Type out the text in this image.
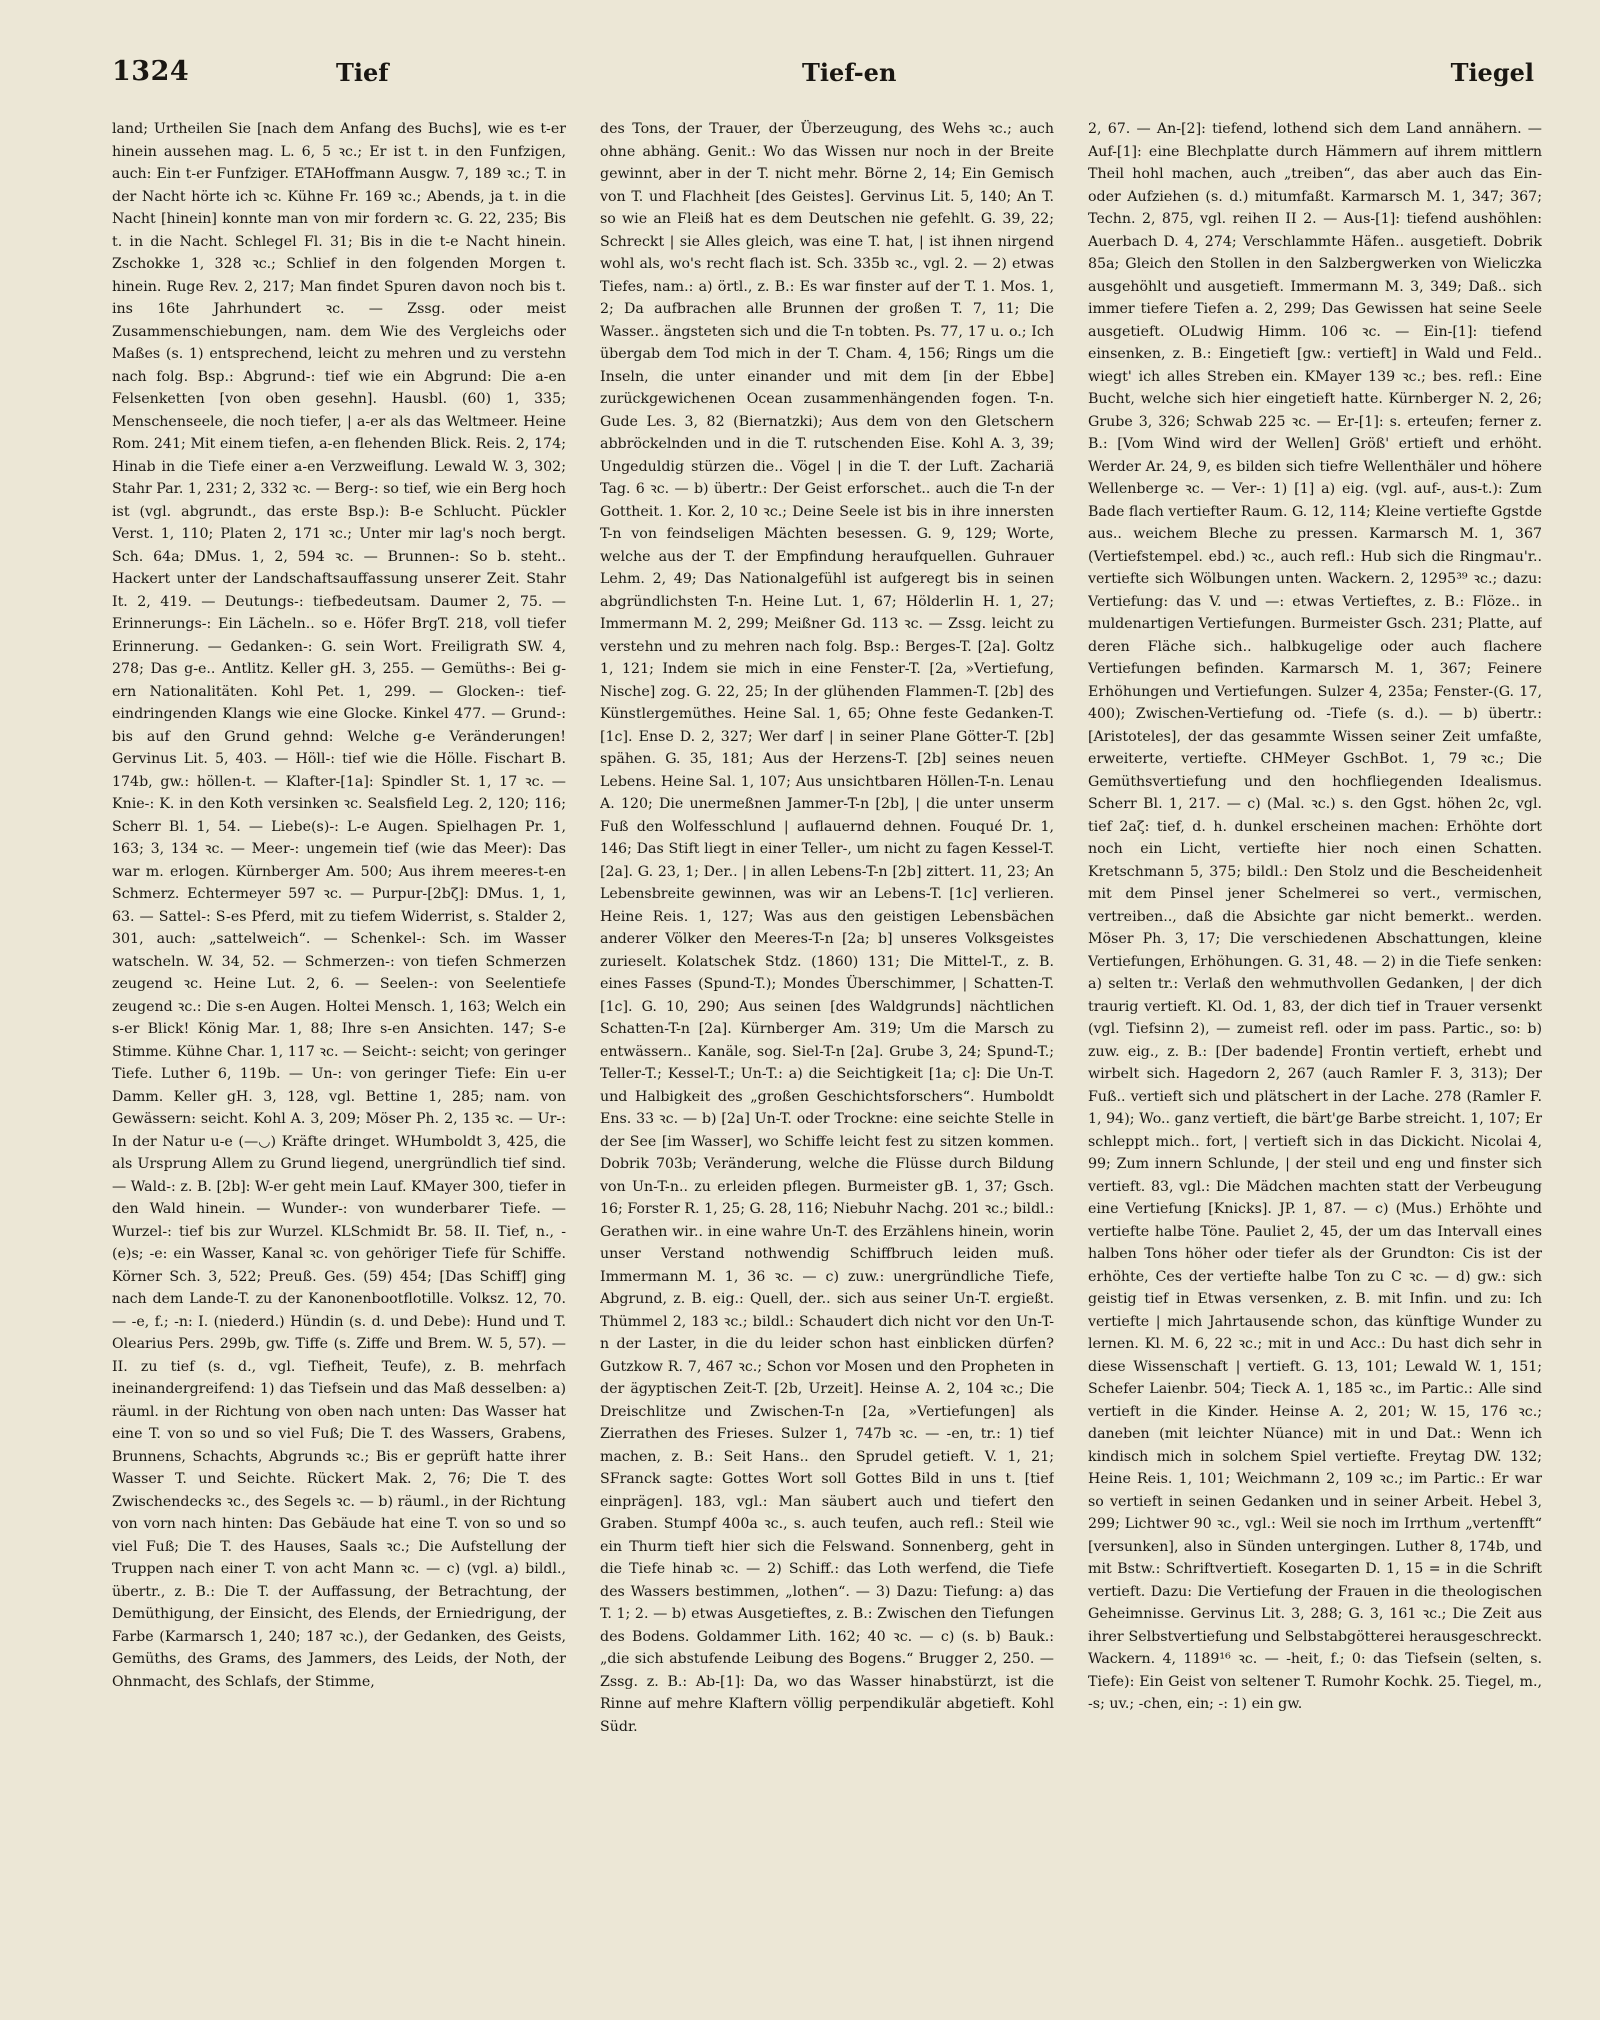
1324	Tief	Tief-en	Tiegel

land; Urtheilen Sie [nach dem Anfang des Buchs], wie es t-er hinein aussehen mag. L. 6, 5 ꝛc.; Er ist t. in den Funfzigen, auch: Ein t-er Funfziger. ETAHoffmann Ausgw. 7, 189 ꝛc.; T. in der Nacht hörte ich ꝛc. Kühne Fr. 169 ꝛc.; Abends, ja t. in die Nacht [hinein] konnte man von mir fordern ꝛc. G. 22, 235; Bis t. in die Nacht. Schlegel Fl. 31; Bis in die t-e Nacht hinein. Zschokke 1, 328 ꝛc.; Schlief in den folgenden Morgen t. hinein. Ruge Rev. 2, 217; Man findet Spuren davon noch bis t. ins 16te Jahrhundert ꝛc. — Zssg. oder meist Zusammenschiebungen, nam. dem Wie des Vergleichs oder Maßes (s. 1) entsprechend, leicht zu mehren und zu verstehn nach folg. Bsp.: Abgrund-: tief wie ein Abgrund: Die a-en Felsenketten [von oben gesehn]. Hausbl. (60) 1, 335; Menschenseele, die noch tiefer, | a-er als das Weltmeer. Heine Rom. 241; Mit einem tiefen, a-en flehenden Blick. Reis. 2, 174; Hinab in die Tiefe einer a-en Verzweiflung. Lewald W. 3, 302; Stahr Par. 1, 231; 2, 332 ꝛc. — Berg-: so tief, wie ein Berg hoch ist (vgl. abgrundt., das erste Bsp.): B-e Schlucht. Pückler Verst. 1, 110; Platen 2, 171 ꝛc.; Unter mir lag's noch bergt. Sch. 64a; DMus. 1, 2, 594 ꝛc. — Brunnen-: So b. steht.. Hackert unter der Landschaftsauffassung unserer Zeit. Stahr It. 2, 419. — Deutungs-: tiefbedeutsam. Daumer 2, 75. — Erinnerungs-: Ein Lächeln.. so e. Höfer BrgT. 218, voll tiefer Erinnerung. — Gedanken-: G. sein Wort. Freiligrath SW. 4, 278; Das g-e.. Antlitz. Keller gH. 3, 255. — Gemüths-: Bei g-ern Nationalitäten. Kohl Pet. 1, 299. — Glocken-: tief-eindringenden Klangs wie eine Glocke. Kinkel 477. — Grund-: bis auf den Grund gehnd: Welche g-e Veränderungen! Gervinus Lit. 5, 403. — Höll-: tief wie die Hölle. Fischart B. 174b, gw.: höllen-t. — Klafter-[1a]: Spindler St. 1, 17 ꝛc. — Knie-: K. in den Koth versinken ꝛc. Sealsfield Leg. 2, 120; 116; Scherr Bl. 1, 54. — Liebe(s)-: L-e Augen. Spielhagen Pr. 1, 163; 3, 134 ꝛc. — Meer-: ungemein tief (wie das Meer): Das war m. erlogen. Kürnberger Am. 500; Aus ihrem meeres-t-en Schmerz. Echtermeyer 597 ꝛc. — Purpur-[2bζ]: DMus. 1, 1, 63. — Sattel-: S-es Pferd, mit zu tiefem Widerrist, s. Stalder 2, 301, auch: „sattelweich“. — Schenkel-: Sch. im Wasser watscheln. W. 34, 52. — Schmerzen-: von tiefen Schmerzen zeugend ꝛc. Heine Lut. 2, 6. — Seelen-: von Seelentiefe zeugend ꝛc.: Die s-en Augen. Holtei Mensch. 1, 163; Welch ein s-er Blick! König Mar. 1, 88; Ihre s-en Ansichten. 147; S-e Stimme. Kühne Char. 1, 117 ꝛc. — Seicht-: seicht; von geringer Tiefe. Luther 6, 119b. — Un-: von geringer Tiefe: Ein u-er Damm. Keller gH. 3, 128, vgl. Bettine 1, 285; nam. von Gewässern: seicht. Kohl A. 3, 209; Möser Ph. 2, 135 ꝛc. — Ur-: In der Natur u-e (—◡) Kräfte dringet. WHumboldt 3, 425, die als Ursprung Allem zu Grund liegend, unergründlich tief sind. — Wald-: z. B. [2b]: W-er geht mein Lauf. KMayer 300, tiefer in den Wald hinein. — Wunder-: von wunderbarer Tiefe. — Wurzel-: tief bis zur Wurzel. KLSchmidt Br. 58. II. Tief, n., -(e)s; -e: ein Wasser, Kanal ꝛc. von gehöriger Tiefe für Schiffe. Körner Sch. 3, 522; Preuß. Ges. (59) 454; [Das Schiff] ging nach dem Lande-T. zu der Kanonenbootflotille. Volksz. 12, 70. — -e, f.; -n: I. (niederd.) Hündin (s. d. und Debe): Hund und T. Olearius Pers. 299b, gw. Tiffe (s. Ziffe und Brem. W. 5, 57). — II. zu tief (s. d., vgl. Tiefheit, Teufe), z. B. mehrfach ineinandergreifend: 1) das Tiefsein und das Maß desselben: a) räuml. in der Richtung von oben nach unten: Das Wasser hat eine T. von so und so viel Fuß; Die T. des Wassers, Grabens, Brunnens, Schachts, Abgrunds ꝛc.; Bis er geprüft hatte ihrer Wasser T. und Seichte. Rückert Mak. 2, 76; Die T. des Zwischendecks ꝛc., des Segels ꝛc. — b) räuml., in der Richtung von vorn nach hinten: Das Gebäude hat eine T. von so und so viel Fuß; Die T. des Hauses, Saals ꝛc.; Die Aufstellung der Truppen nach einer T. von acht Mann ꝛc. — c) (vgl. a) bildl., übertr., z. B.: Die T. der Auffassung, der Betrachtung, der Demüthigung, der Einsicht, des Elends, der Erniedrigung, der Farbe (Karmarsch 1, 240; 187 ꝛc.), der Gedanken, des Geists, Gemüths, des Grams, des Jammers, des Leids, der Noth, der Ohnmacht, des Schlafs, der Stimme,

des Tons, der Trauer, der Überzeugung, des Wehs ꝛc.; auch ohne abhäng. Genit.: Wo das Wissen nur noch in der Breite gewinnt, aber in der T. nicht mehr. Börne 2, 14; Ein Gemisch von T. und Flachheit [des Geistes]. Gervinus Lit. 5, 140; An T. so wie an Fleiß hat es dem Deutschen nie gefehlt. G. 39, 22; Schreckt | sie Alles gleich, was eine T. hat, | ist ihnen nirgend wohl als, wo's recht flach ist. Sch. 335b ꝛc., vgl. 2. — 2) etwas Tiefes, nam.: a) örtl., z. B.: Es war finster auf der T. 1. Mos. 1, 2; Da aufbrachen alle Brunnen der großen T. 7, 11; Die Wasser.. ängsteten sich und die T-n tobten. Ps. 77, 17 u. o.; Ich übergab dem Tod mich in der T. Cham. 4, 156; Rings um die Inseln, die unter einander und mit dem [in der Ebbe] zurückgewichenen Ocean zusammenhängenden fogen. T-n. Gude Les. 3, 82 (Biernatzki); Aus dem von den Gletschern abbröckelnden und in die T. rutschenden Eise. Kohl A. 3, 39; Ungeduldig stürzen die.. Vögel | in die T. der Luft. Zachariä Tag. 6 ꝛc. — b) übertr.: Der Geist erforschet.. auch die T-n der Gottheit. 1. Kor. 2, 10 ꝛc.; Deine Seele ist bis in ihre innersten T-n von feindseligen Mächten besessen. G. 9, 129; Worte, welche aus der T. der Empfindung heraufquellen. Guhrauer Lehm. 2, 49; Das Nationalgefühl ist aufgeregt bis in seinen abgründlichsten T-n. Heine Lut. 1, 67; Hölderlin H. 1, 27; Immermann M. 2, 299; Meißner Gd. 113 ꝛc. — Zssg. leicht zu verstehn und zu mehren nach folg. Bsp.: Berges-T. [2a]. Goltz 1, 121; Indem sie mich in eine Fenster-T. [2a, »Vertiefung, Nische] zog. G. 22, 25; In der glühenden Flammen-T. [2b] des Künstlergemüthes. Heine Sal. 1, 65; Ohne feste Gedanken-T. [1c]. Ense D. 2, 327; Wer darf | in seiner Plane Götter-T. [2b] spähen. G. 35, 181; Aus der Herzens-T. [2b] seines neuen Lebens. Heine Sal. 1, 107; Aus unsichtbaren Höllen-T-n. Lenau A. 120; Die unermeßnen Jammer-T-n [2b], | die unter unserm Fuß den Wolfesschlund | auflauernd dehnen. Fouqué Dr. 1, 146; Das Stift liegt in einer Teller-, um nicht zu fagen Kessel-T. [2a]. G. 23, 1; Der.. | in allen Lebens-T-n [2b] zittert. 11, 23; An Lebensbreite gewinnen, was wir an Lebens-T. [1c] verlieren. Heine Reis. 1, 127; Was aus den geistigen Lebensbächen anderer Völker den Meeres-T-n [2a; b] unseres Volksgeistes zurieselt. Kolatschek Stdz. (1860) 131; Die Mittel-T., z. B. eines Fasses (Spund-T.); Mondes Überschimmer, | Schatten-T. [1c]. G. 10, 290; Aus seinen [des Waldgrunds] nächtlichen Schatten-T-n [2a]. Kürnberger Am. 319; Um die Marsch zu entwässern.. Kanäle, sog. Siel-T-n [2a]. Grube 3, 24; Spund-T.; Teller-T.; Kessel-T.; Un-T.: a) die Seichtigkeit [1a; c]: Die Un-T. und Halbigkeit des „großen Geschichtsforschers“. Humboldt Ens. 33 ꝛc. — b) [2a] Un-T. oder Trockne: eine seichte Stelle in der See [im Wasser], wo Schiffe leicht fest zu sitzen kommen. Dobrik 703b; Veränderung, welche die Flüsse durch Bildung von Un-T-n.. zu erleiden pflegen. Burmeister gB. 1, 37; Gsch. 16; Forster R. 1, 25; G. 28, 116; Niebuhr Nachg. 201 ꝛc.; bildl.: Gerathen wir.. in eine wahre Un-T. des Erzählens hinein, worin unser Verstand nothwendig Schiffbruch leiden muß. Immermann M. 1, 36 ꝛc. — c) zuw.: unergründliche Tiefe, Abgrund, z. B. eig.: Quell, der.. sich aus seiner Un-T. ergießt. Thümmel 2, 183 ꝛc.; bildl.: Schaudert dich nicht vor den Un-T-n der Laster, in die du leider schon hast einblicken dürfen? Gutzkow R. 7, 467 ꝛc.; Schon vor Mosen und den Propheten in der ägyptischen Zeit-T. [2b, Urzeit]. Heinse A. 2, 104 ꝛc.; Die Dreischlitze und Zwischen-T-n [2a, »Vertiefungen] als Zierrathen des Frieses. Sulzer 1, 747b ꝛc. — -en, tr.: 1) tief machen, z. B.: Seit Hans.. den Sprudel getieft. V. 1, 21; SFranck sagte: Gottes Wort soll Gottes Bild in uns t. [tief einprägen]. 183, vgl.: Man säubert auch und tiefert den Graben. Stumpf 400a ꝛc., s. auch teufen, auch refl.: Steil wie ein Thurm tieft hier sich die Felswand. Sonnenberg, geht in die Tiefe hinab ꝛc. — 2) Schiff.: das Loth werfend, die Tiefe des Wassers bestimmen, „lothen“. — 3) Dazu: Tiefung: a) das T. 1; 2. — b) etwas Ausgetieftes, z. B.: Zwischen den Tiefungen des Bodens. Goldammer Lith. 162; 40 ꝛc. — c) (s. b) Bauk.: „die sich abstufende Leibung des Bogens.“ Brugger 2, 250. — Zssg. z. B.: Ab-[1]: Da, wo das Wasser hinabstürzt, ist die Rinne auf mehre Klaftern völlig perpendikulär abgetieft. Kohl Südr.

2, 67. — An-[2]: tiefend, lothend sich dem Land annähern. — Auf-[1]: eine Blechplatte durch Hämmern auf ihrem mittlern Theil hohl machen, auch „treiben“, das aber auch das Ein- oder Aufziehen (s. d.) mitumfaßt. Karmarsch M. 1, 347; 367; Techn. 2, 875, vgl. reihen II 2. — Aus-[1]: tiefend aushöhlen: Auerbach D. 4, 274; Verschlammte Häfen.. ausgetieft. Dobrik 85a; Gleich den Stollen in den Salzbergwerken von Wieliczka ausgehöhlt und ausgetieft. Immermann M. 3, 349; Daß.. sich immer tiefere Tiefen a. 2, 299; Das Gewissen hat seine Seele ausgetieft. OLudwig Himm. 106 ꝛc. — Ein-[1]: tiefend einsenken, z. B.: Eingetieft [gw.: vertieft] in Wald und Feld.. wiegt' ich alles Streben ein. KMayer 139 ꝛc.; bes. refl.: Eine Bucht, welche sich hier eingetieft hatte. Kürnberger N. 2, 26; Grube 3, 326; Schwab 225 ꝛc. — Er-[1]: s. erteufen; ferner z. B.: [Vom Wind wird der Wellen] Größ' ertieft und erhöht. Werder Ar. 24, 9, es bilden sich tiefre Wellenthäler und höhere Wellenberge ꝛc. — Ver-: 1) [1] a) eig. (vgl. auf-, aus-t.): Zum Bade flach vertiefter Raum. G. 12, 114; Kleine vertiefte Ggstde aus.. weichem Bleche zu pressen. Karmarsch M. 1, 367 (Vertiefstempel. ebd.) ꝛc., auch refl.: Hub sich die Ringmau'r.. vertiefte sich Wölbungen unten. Wackern. 2, 1295³⁹ ꝛc.; dazu: Vertiefung: das V. und —: etwas Vertieftes, z. B.: Flöze.. in muldenartigen Vertiefungen. Burmeister Gsch. 231; Platte, auf deren Fläche sich.. halbkugelige oder auch flachere Vertiefungen befinden. Karmarsch M. 1, 367; Feinere Erhöhungen und Vertiefungen. Sulzer 4, 235a; Fenster-(G. 17, 400); Zwischen-Vertiefung od. -Tiefe (s. d.). — b) übertr.: [Aristoteles], der das gesammte Wissen seiner Zeit umfaßte, erweiterte, vertiefte. CHMeyer GschBot. 1, 79 ꝛc.; Die Gemüthsvertiefung und den hochfliegenden Idealismus. Scherr Bl. 1, 217. — c) (Mal. ꝛc.) s. den Ggst. höhen 2c, vgl. tief 2aζ: tief, d. h. dunkel erscheinen machen: Erhöhte dort noch ein Licht, vertiefte hier noch einen Schatten. Kretschmann 5, 375; bildl.: Den Stolz und die Bescheidenheit mit dem Pinsel jener Schelmerei so vert., vermischen, vertreiben.., daß die Absichte gar nicht bemerkt.. werden. Möser Ph. 3, 17; Die verschiedenen Abschattungen, kleine Vertiefungen, Erhöhungen. G. 31, 48. — 2) in die Tiefe senken: a) selten tr.: Verlaß den wehmuthvollen Gedanken, | der dich traurig vertieft. Kl. Od. 1, 83, der dich tief in Trauer versenkt (vgl. Tiefsinn 2), — zumeist refl. oder im pass. Partic., so: b) zuw. eig., z. B.: [Der badende] Frontin vertieft, erhebt und wirbelt sich. Hagedorn 2, 267 (auch Ramler F. 3, 313); Der Fuß.. vertieft sich und plätschert in der Lache. 278 (Ramler F. 1, 94); Wo.. ganz vertieft, die bärt'ge Barbe streicht. 1, 107; Er schleppt mich.. fort, | vertieft sich in das Dickicht. Nicolai 4, 99; Zum innern Schlunde, | der steil und eng und finster sich vertieft. 83, vgl.: Die Mädchen machten statt der Verbeugung eine Vertiefung [Knicks]. JP. 1, 87. — c) (Mus.) Erhöhte und vertiefte halbe Töne. Pauliet 2, 45, der um das Intervall eines halben Tons höher oder tiefer als der Grundton: Cis ist der erhöhte, Ces der vertiefte halbe Ton zu C ꝛc. — d) gw.: sich geistig tief in Etwas versenken, z. B. mit Infin. und zu: Ich vertiefte | mich Jahrtausende schon, das künftige Wunder zu lernen. Kl. M. 6, 22 ꝛc.; mit in und Acc.: Du hast dich sehr in diese Wissenschaft | vertieft. G. 13, 101; Lewald W. 1, 151; Schefer Laienbr. 504; Tieck A. 1, 185 ꝛc., im Partic.: Alle sind vertieft in die Kinder. Heinse A. 2, 201; W. 15, 176 ꝛc.; daneben (mit leichter Nüance) mit in und Dat.: Wenn ich kindisch mich in solchem Spiel vertiefte. Freytag DW. 132; Heine Reis. 1, 101; Weichmann 2, 109 ꝛc.; im Partic.: Er war so vertieft in seinen Gedanken und in seiner Arbeit. Hebel 3, 299; Lichtwer 90 ꝛc., vgl.: Weil sie noch im Irrthum „vertenfft“ [versunken], also in Sünden untergingen. Luther 8, 174b, und mit Bstw.: Schriftvertieft. Kosegarten D. 1, 15 = in die Schrift vertieft. Dazu: Die Vertiefung der Frauen in die theologischen Geheimnisse. Gervinus Lit. 3, 288; G. 3, 161 ꝛc.; Die Zeit aus ihrer Selbstvertiefung und Selbstabgötterei herausgeschreckt. Wackern. 4, 1189¹⁶ ꝛc. — -heit, f.; 0: das Tiefsein (selten, s. Tiefe): Ein Geist von seltener T. Rumohr Kochk. 25. Tiegel, m., -s; uv.; -chen, ein; -: 1) ein gw.
